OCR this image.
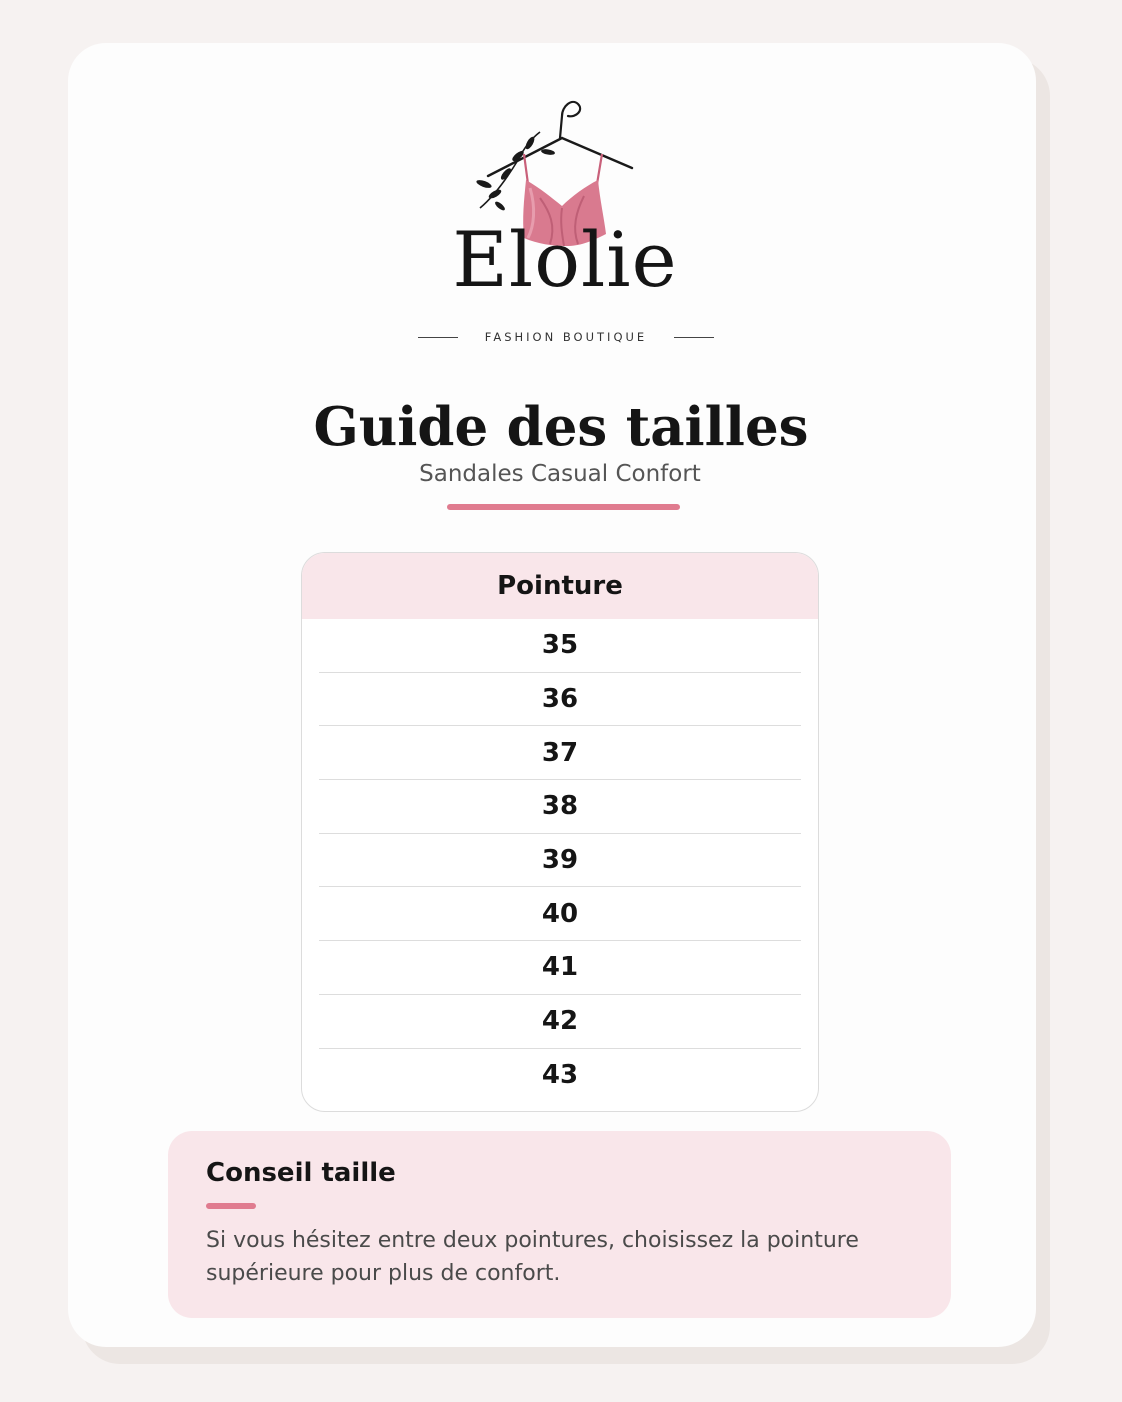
Elolie
FASHION BOUTIQUE
Guide des tailles
Sandales Casual Confort
Pointure
35
36
37
38
39
40
41
42
43
Conseil taille
Si vous hésitez entre deux pointures, choisissez la pointure supérieure pour plus de confort.
